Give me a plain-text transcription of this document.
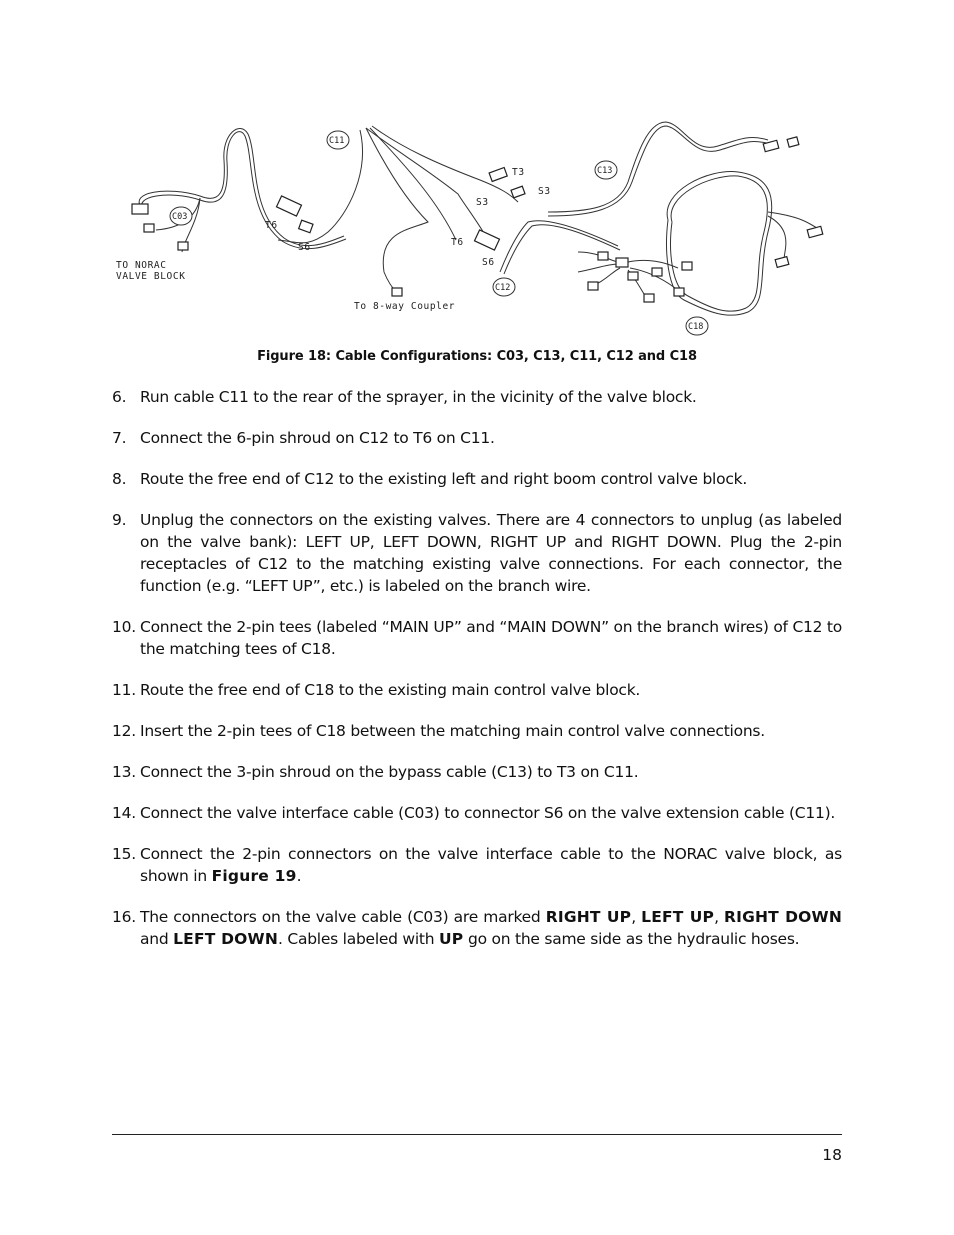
C11
C13
C03
C12
C18
T3
S3
S3
T6
S6	T6
S6
TO NORAC
VALVE BLOCK
To 8-way Coupler
Figure 18: Cable Configurations: C03, C13, C11, C12 and C18

6. Run cable C11 to the rear of the sprayer, in the vicinity of the valve block.

7. Connect the 6-pin shroud on C12 to T6 on C11.

8. Route the free end of C12 to the existing left and right boom control valve block.

9. Unplug the connectors on the existing valves. There are 4 connectors to unplug (as labeled on the valve bank): LEFT UP, LEFT DOWN, RIGHT UP and RIGHT DOWN. Plug the 2-pin receptacles of C12 to the matching existing valve connections. For each connector, the function (e.g. “LEFT UP”, etc.) is labeled on the branch wire.

10. Connect the 2-pin tees (labeled “MAIN UP” and “MAIN DOWN” on the branch wires) of C12 to the matching tees of C18.

11. Route the free end of C18 to the existing main control valve block.

12. Insert the 2-pin tees of C18 between the matching main control valve connections.

13. Connect the 3-pin shroud on the bypass cable (C13) to T3 on C11.

14. Connect the valve interface cable (C03) to connector S6 on the valve extension cable (C11).

15. Connect the 2-pin connectors on the valve interface cable to the NORAC valve block, as shown in Figure 19.

16. The connectors on the valve cable (C03) are marked RIGHT UP, LEFT UP, RIGHT DOWN and LEFT DOWN. Cables labeled with UP go on the same side as the hydraulic hoses.

18
